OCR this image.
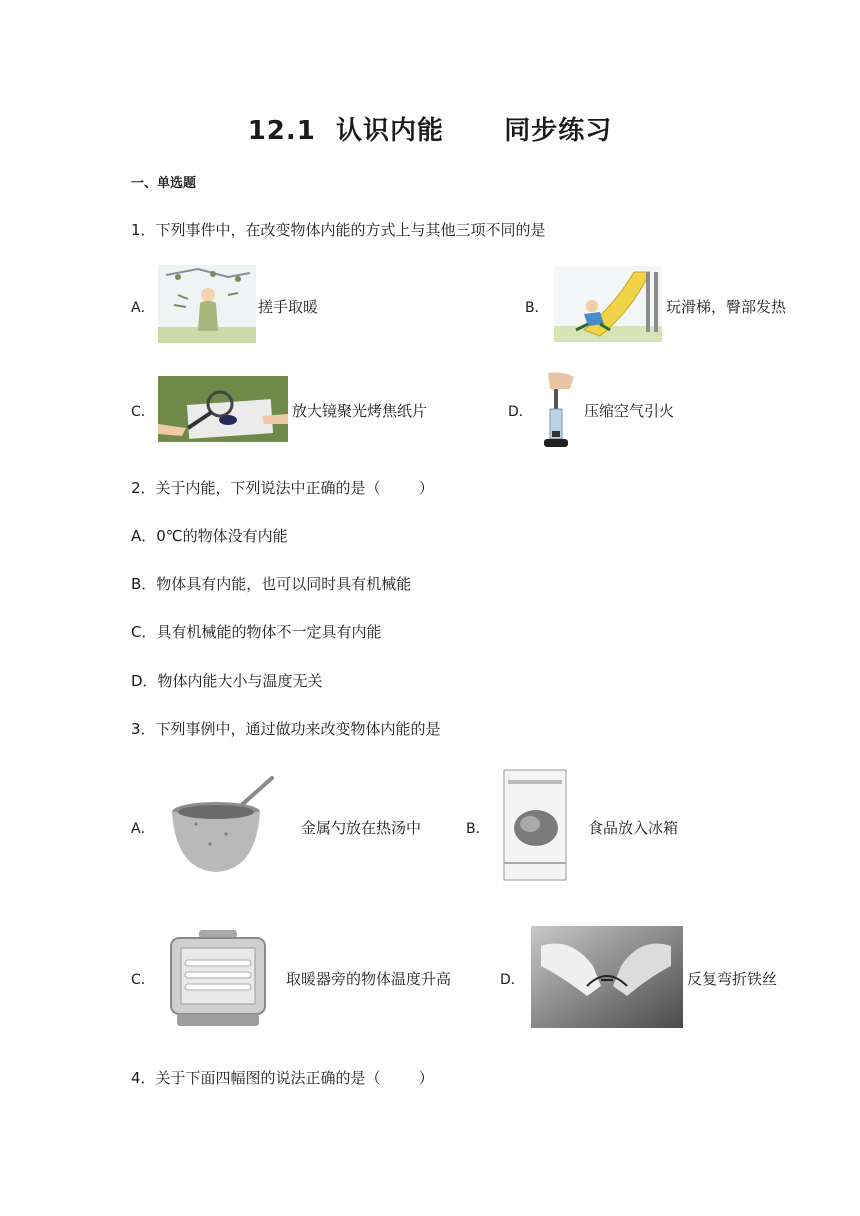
12.1  认识内能      同步练习
一、单选题
1．下列事件中，在改变物体内能的方式上与其他三项不同的是
A．	搓手取暖	B．	玩滑梯，臀部发热
C．	放大镜聚光烤焦纸片	D．	压缩空气引火
2．关于内能，下列说法中正确的是（        ）
A．0℃的物体没有内能
B．物体具有内能，也可以同时具有机械能
C．具有机械能的物体不一定具有内能
D．物体内能大小与温度无关
3．下列事例中，通过做功来改变物体内能的是
A．	金属勺放在热汤中	B．	食品放入冰箱
C．	取暖器旁的物体温度升高	D．	反复弯折铁丝
4．关于下面四幅图的说法正确的是（        ）
